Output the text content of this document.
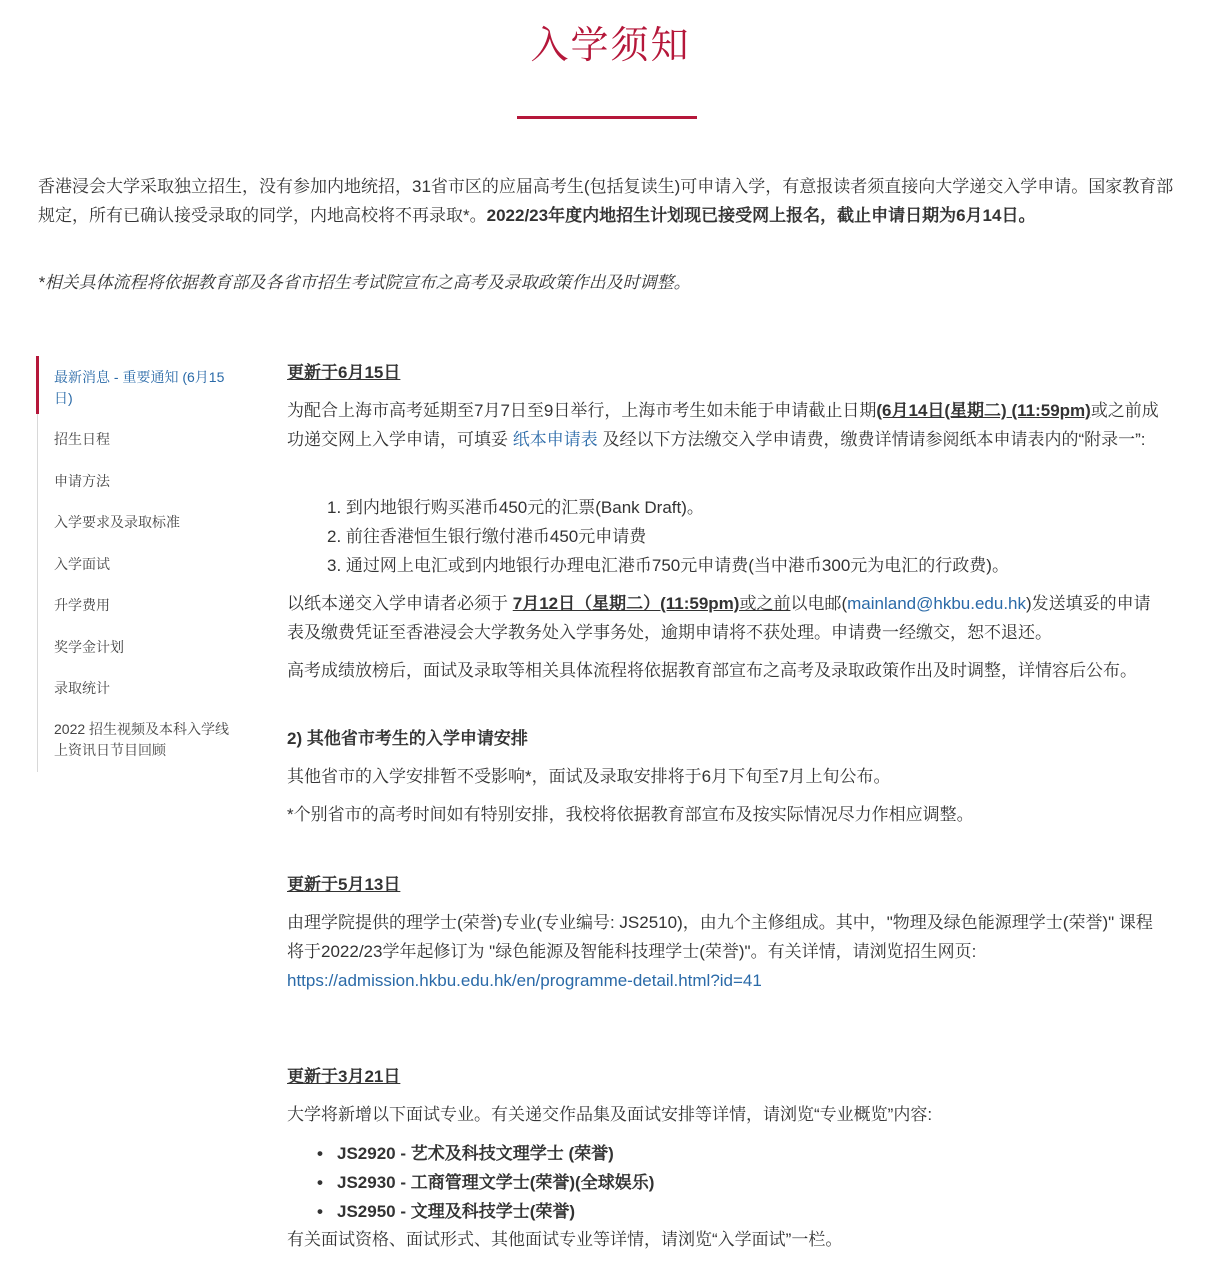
入学须知
香港浸会大学采取独立招生，没有参加内地统招，31省市区的应届高考生(包括复读生)可申请入学，有意报读者须直接向大学递交入学申请。国家教育部规定，所有已确认接受录取的同学，内地高校将不再录取*。2022/23年度内地招生计划现已接受网上报名，截止申请日期为6月14日。
*相关具体流程将依据教育部及各省市招生考试院宣布之高考及录取政策作出及时调整。
最新消息 - 重要通知 (6月15日)
招生日程
申请方法
入学要求及录取标准
入学面试
升学费用
奖学金计划
录取统计
2022 招生视频及本科入学线上资讯日节目回顾
更新于6月15日

为配合上海市高考延期至7月7日至9日举行，上海市考生如未能于申请截止日期(6月14日(星期二) (11:59pm)或之前成功递交网上入学申请，可填妥 纸本申请表 及经以下方法缴交入学申请费，缴费详情请参阅纸本申请表内的“附录一”:

1. 到内地银行购买港币450元的汇票(Bank Draft)。
2. 前往香港恒生银行缴付港币450元申请费
3. 通过网上电汇或到内地银行办理电汇港币750元申请费(当中港币300元为电汇的行政费)。

以纸本递交入学申请者必须于 7月12日（星期二）(11:59pm)或之前以电邮(mainland@hkbu.edu.hk)发送填妥的申请表及缴费凭证至香港浸会大学教务处入学事务处，逾期申请将不获处理。申请费一经缴交，恕不退还。

高考成绩放榜后，面试及录取等相关具体流程将依据教育部宣布之高考及录取政策作出及时调整，详情容后公布。

2) 其他省市考生的入学申请安排

其他省市的入学安排暂不受影响*，面试及录取安排将于6月下旬至7月上旬公布。

*个别省市的高考时间如有特别安排，我校将依据教育部宣布及按实际情况尽力作相应调整。

更新于5月13日

由理学院提供的理学士(荣誉)专业(专业编号: JS2510)，由九个主修组成。其中，"物理及绿色能源理学士(荣誉)" 课程将于2022/23学年起修订为 "绿色能源及智能科技理学士(荣誉)"。有关详情，请浏览招生网页:
https://admission.hkbu.edu.hk/en/programme-detail.html?id=41

更新于3月21日

大学将新增以下面试专业。有关递交作品集及面试安排等详情，请浏览“专业概览”内容:

• JS2920 - 艺术及科技文理学士 (荣誉)
• JS2930 - 工商管理文学士(荣誉)(全球娱乐)
• JS2950 - 文理及科技学士(荣誉)

有关面试资格、面试形式、其他面试专业等详情，请浏览“入学面试”一栏。
